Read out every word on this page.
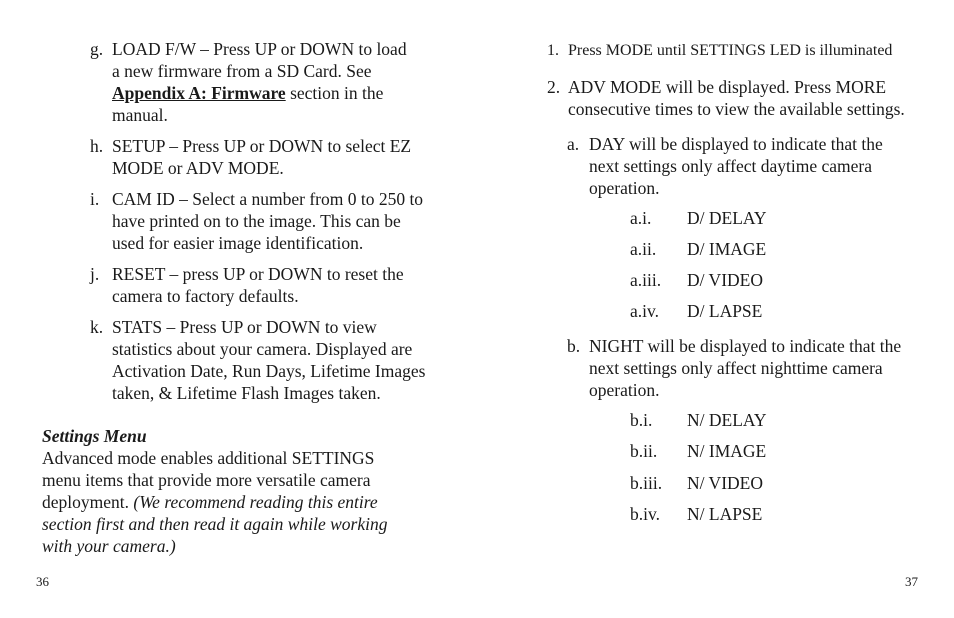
g. LOAD F/W – Press UP or DOWN to load a new firmware from a SD Card. See Appendix A: Firmware section in the manual.
h. SETUP – Press UP or DOWN to select EZ MODE or ADV MODE.
i. CAM ID – Select a number from 0 to 250 to have printed on to the image. This can be used for easier image identification.
j. RESET – press UP or DOWN to reset the camera to factory defaults.
k. STATS – Press UP or DOWN to view statistics about your camera. Displayed are Activation Date, Run Days, Lifetime Images taken, & Lifetime Flash Images taken.
Settings Menu
Advanced mode enables additional SETTINGS menu items that provide more versatile camera deployment. (We recommend reading this entire section first and then read it again while working with your camera.)
36
1. Press MODE until SETTINGS LED is illuminated
2. ADV MODE will be displayed. Press MORE consecutive times to view the available settings.
a. DAY will be displayed to indicate that the next settings only affect daytime camera operation.
a.i. D/ DELAY
a.ii. D/ IMAGE
a.iii. D/ VIDEO
a.iv. D/ LAPSE
b. NIGHT will be displayed to indicate that the next settings only affect nighttime camera operation.
b.i. N/ DELAY
b.ii. N/ IMAGE
b.iii. N/ VIDEO
b.iv. N/ LAPSE
37
